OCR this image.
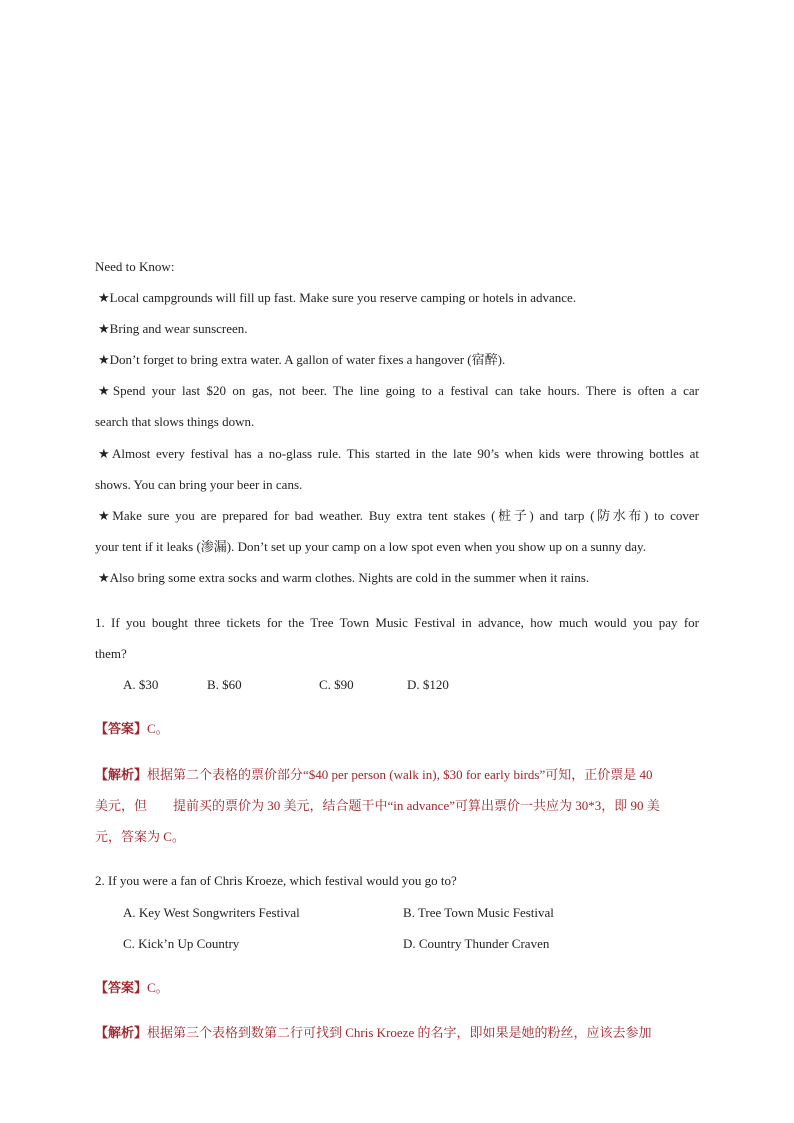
Need to Know:
★Local campgrounds will fill up fast. Make sure you reserve camping or hotels in advance.
★Bring and wear sunscreen.
★Don’t forget to bring extra water. A gallon of water fixes a hangover (宿醉).
★Spend your last $20 on gas, not beer. The line going to a festival can take hours. There is often a car
search that slows things down.
★Almost every festival has a no-glass rule. This started in the late 90’s when kids were throwing bottles at
shows. You can bring your beer in cans.
★Make sure you are prepared for bad weather. Buy extra tent stakes (桩子) and tarp (防水布) to cover
your tent if it leaks (渗漏). Don’t set up your camp on a low spot even when you show up on a sunny day.
★Also bring some extra socks and warm clothes. Nights are cold in the summer when it rains.
1. If you bought three tickets for the Tree Town Music Festival in advance, how much would you pay for
them?
A. $30	B. $60	C. $90	D. $120
【答案】C。
【解析】根据第二个表格的票价部分“$40 per person (walk in), $30 for early birds”可知，正价票是 40
美元，但　　提前买的票价为 30 美元，结合题干中“in advance”可算出票价一共应为 30*3，即 90 美
元，答案为 C。
2. If you were a fan of Chris Kroeze, which festival would you go to?
A. Key West Songwriters Festival	B. Tree Town Music Festival
C. Kick’n Up Country	D. Country Thunder Craven
【答案】C。
【解析】根据第三个表格到数第二行可找到 Chris Kroeze 的名字，即如果是她的粉丝，应该去参加
